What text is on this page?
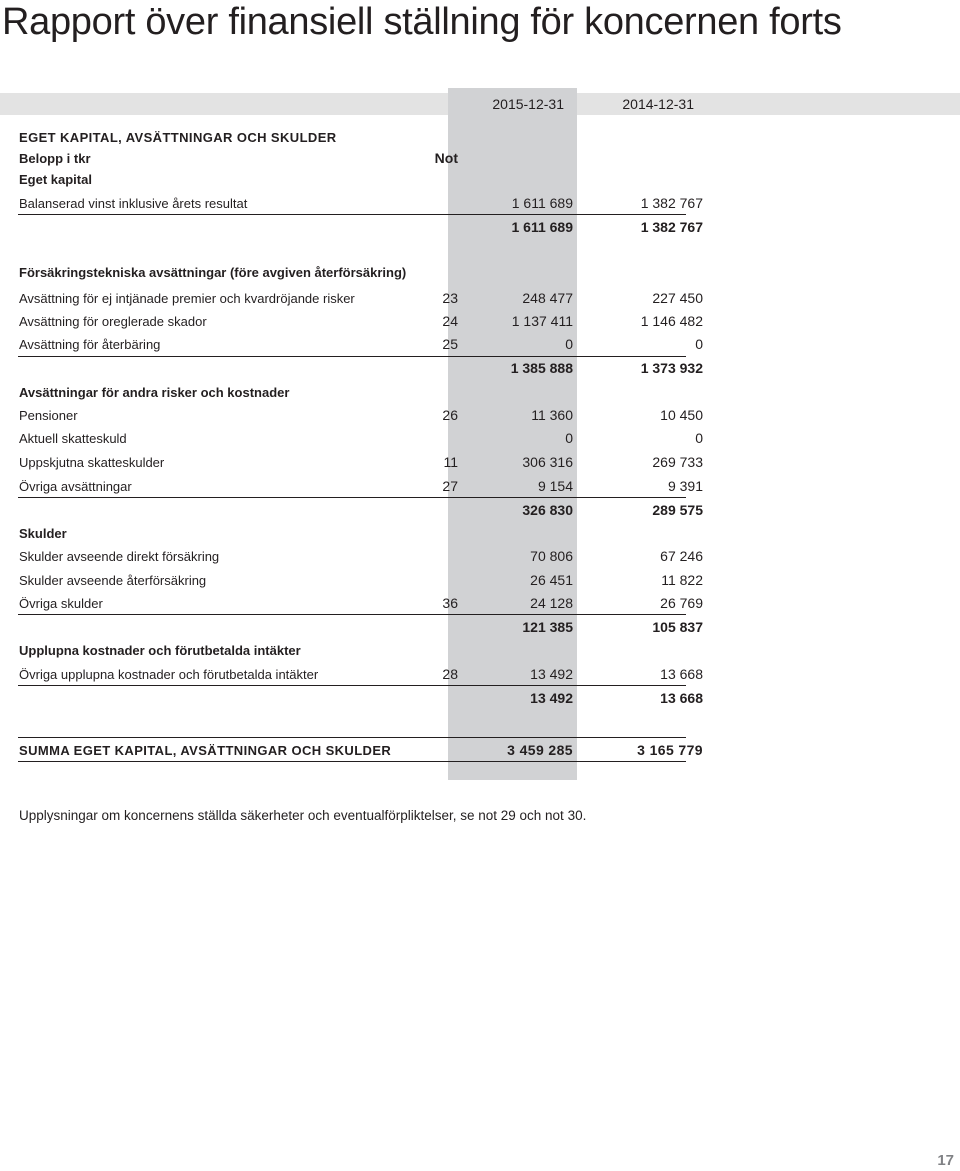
Rapport över finansiell ställning för koncernen forts
2015-12-31	2014-12-31
EGET KAPITAL, AVSÄTTNINGAR OCH SKULDER
Belopp i tkr	Not
Eget kapital
Balanserad vinst inklusive årets resultat	1 611 689	1 382 767
1 611 689	1 382 767
Försäkringstekniska avsättningar (före avgiven återförsäkring)
Avsättning för ej intjänade premier och kvardröjande risker	23	248 477	227 450
Avsättning för oreglerade skador	24	1 137 411	1 146 482
Avsättning för återbäring	25	0	0
1 385 888	1 373 932
Avsättningar för andra risker och kostnader
Pensioner	26	11 360	10 450
Aktuell skatteskuld	0	0
Uppskjutna skatteskulder	11	306 316	269 733
Övriga avsättningar	27	9 154	9 391
326 830	289 575
Skulder
Skulder avseende direkt försäkring	70 806	67 246
Skulder avseende återförsäkring	26 451	11 822
Övriga skulder	36	24 128	26 769
121 385	105 837
Upplupna kostnader och förutbetalda intäkter
Övriga upplupna kostnader och förutbetalda intäkter	28	13 492	13 668
13 492	13 668
SUMMA EGET KAPITAL, AVSÄTTNINGAR OCH SKULDER	3 459 285	3 165 779
Upplysningar om koncernens ställda säkerheter och eventualförpliktelser, se not 29 och not 30.
17
